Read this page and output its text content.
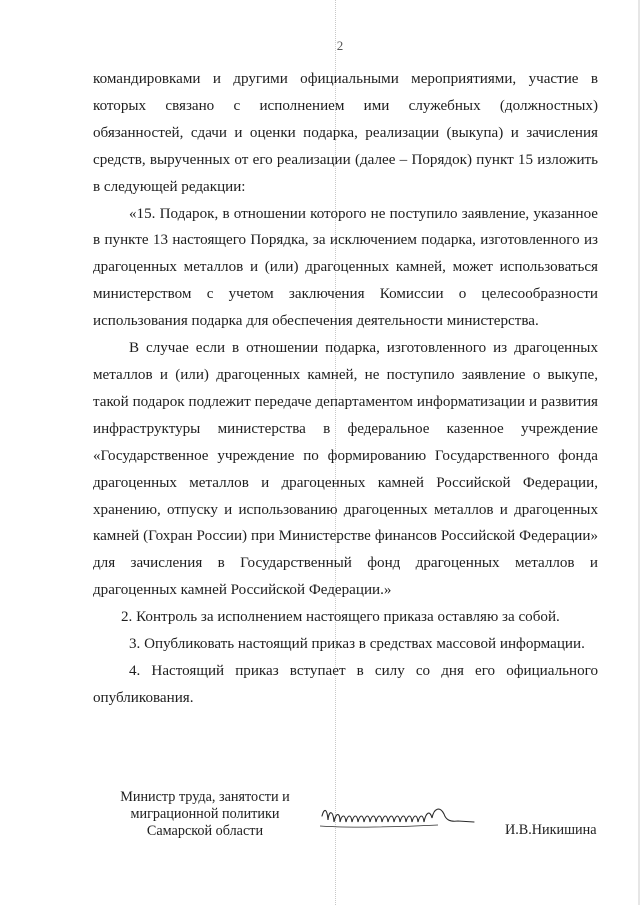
2

командировками и другими официальными мероприятиями, участие в которых связано с исполнением ими служебных (должностных) обязанностей, сдачи и оценки подарка, реализации (выкупа) и зачисления средств, вырученных от его реализации (далее – Порядок) пункт 15 изложить в следующей редакции:

«15. Подарок, в отношении которого не поступило заявление, указанное в пункте 13 настоящего Порядка, за исключением подарка, изготовленного из драгоценных металлов и (или) драгоценных камней, может использоваться министерством с учетом заключения Комиссии о целесообразности использования подарка для обеспечения деятельности министерства.

В случае если в отношении подарка, изготовленного из драгоценных металлов и (или) драгоценных камней, не поступило заявление о выкупе, такой подарок подлежит передаче департаментом информатизации и развития инфраструктуры министерства в федеральное казенное учреждение «Государственное учреждение по формированию Государственного фонда драгоценных металлов и драгоценных камней Российской Федерации, хранению, отпуску и использованию драгоценных металлов и драгоценных камней (Гохран России) при Министерстве финансов Российской Федерации» для зачисления в Государственный фонд драгоценных металлов и драгоценных камней Российской Федерации.»

2. Контроль за исполнением настоящего приказа оставляю за собой.

3. Опубликовать настоящий приказ в средствах массовой информации.

4. Настоящий приказ вступает в силу со дня его официального опубликования.

Министр труда, занятости и
миграционной политики
Самарской области	И.В.Никишина
